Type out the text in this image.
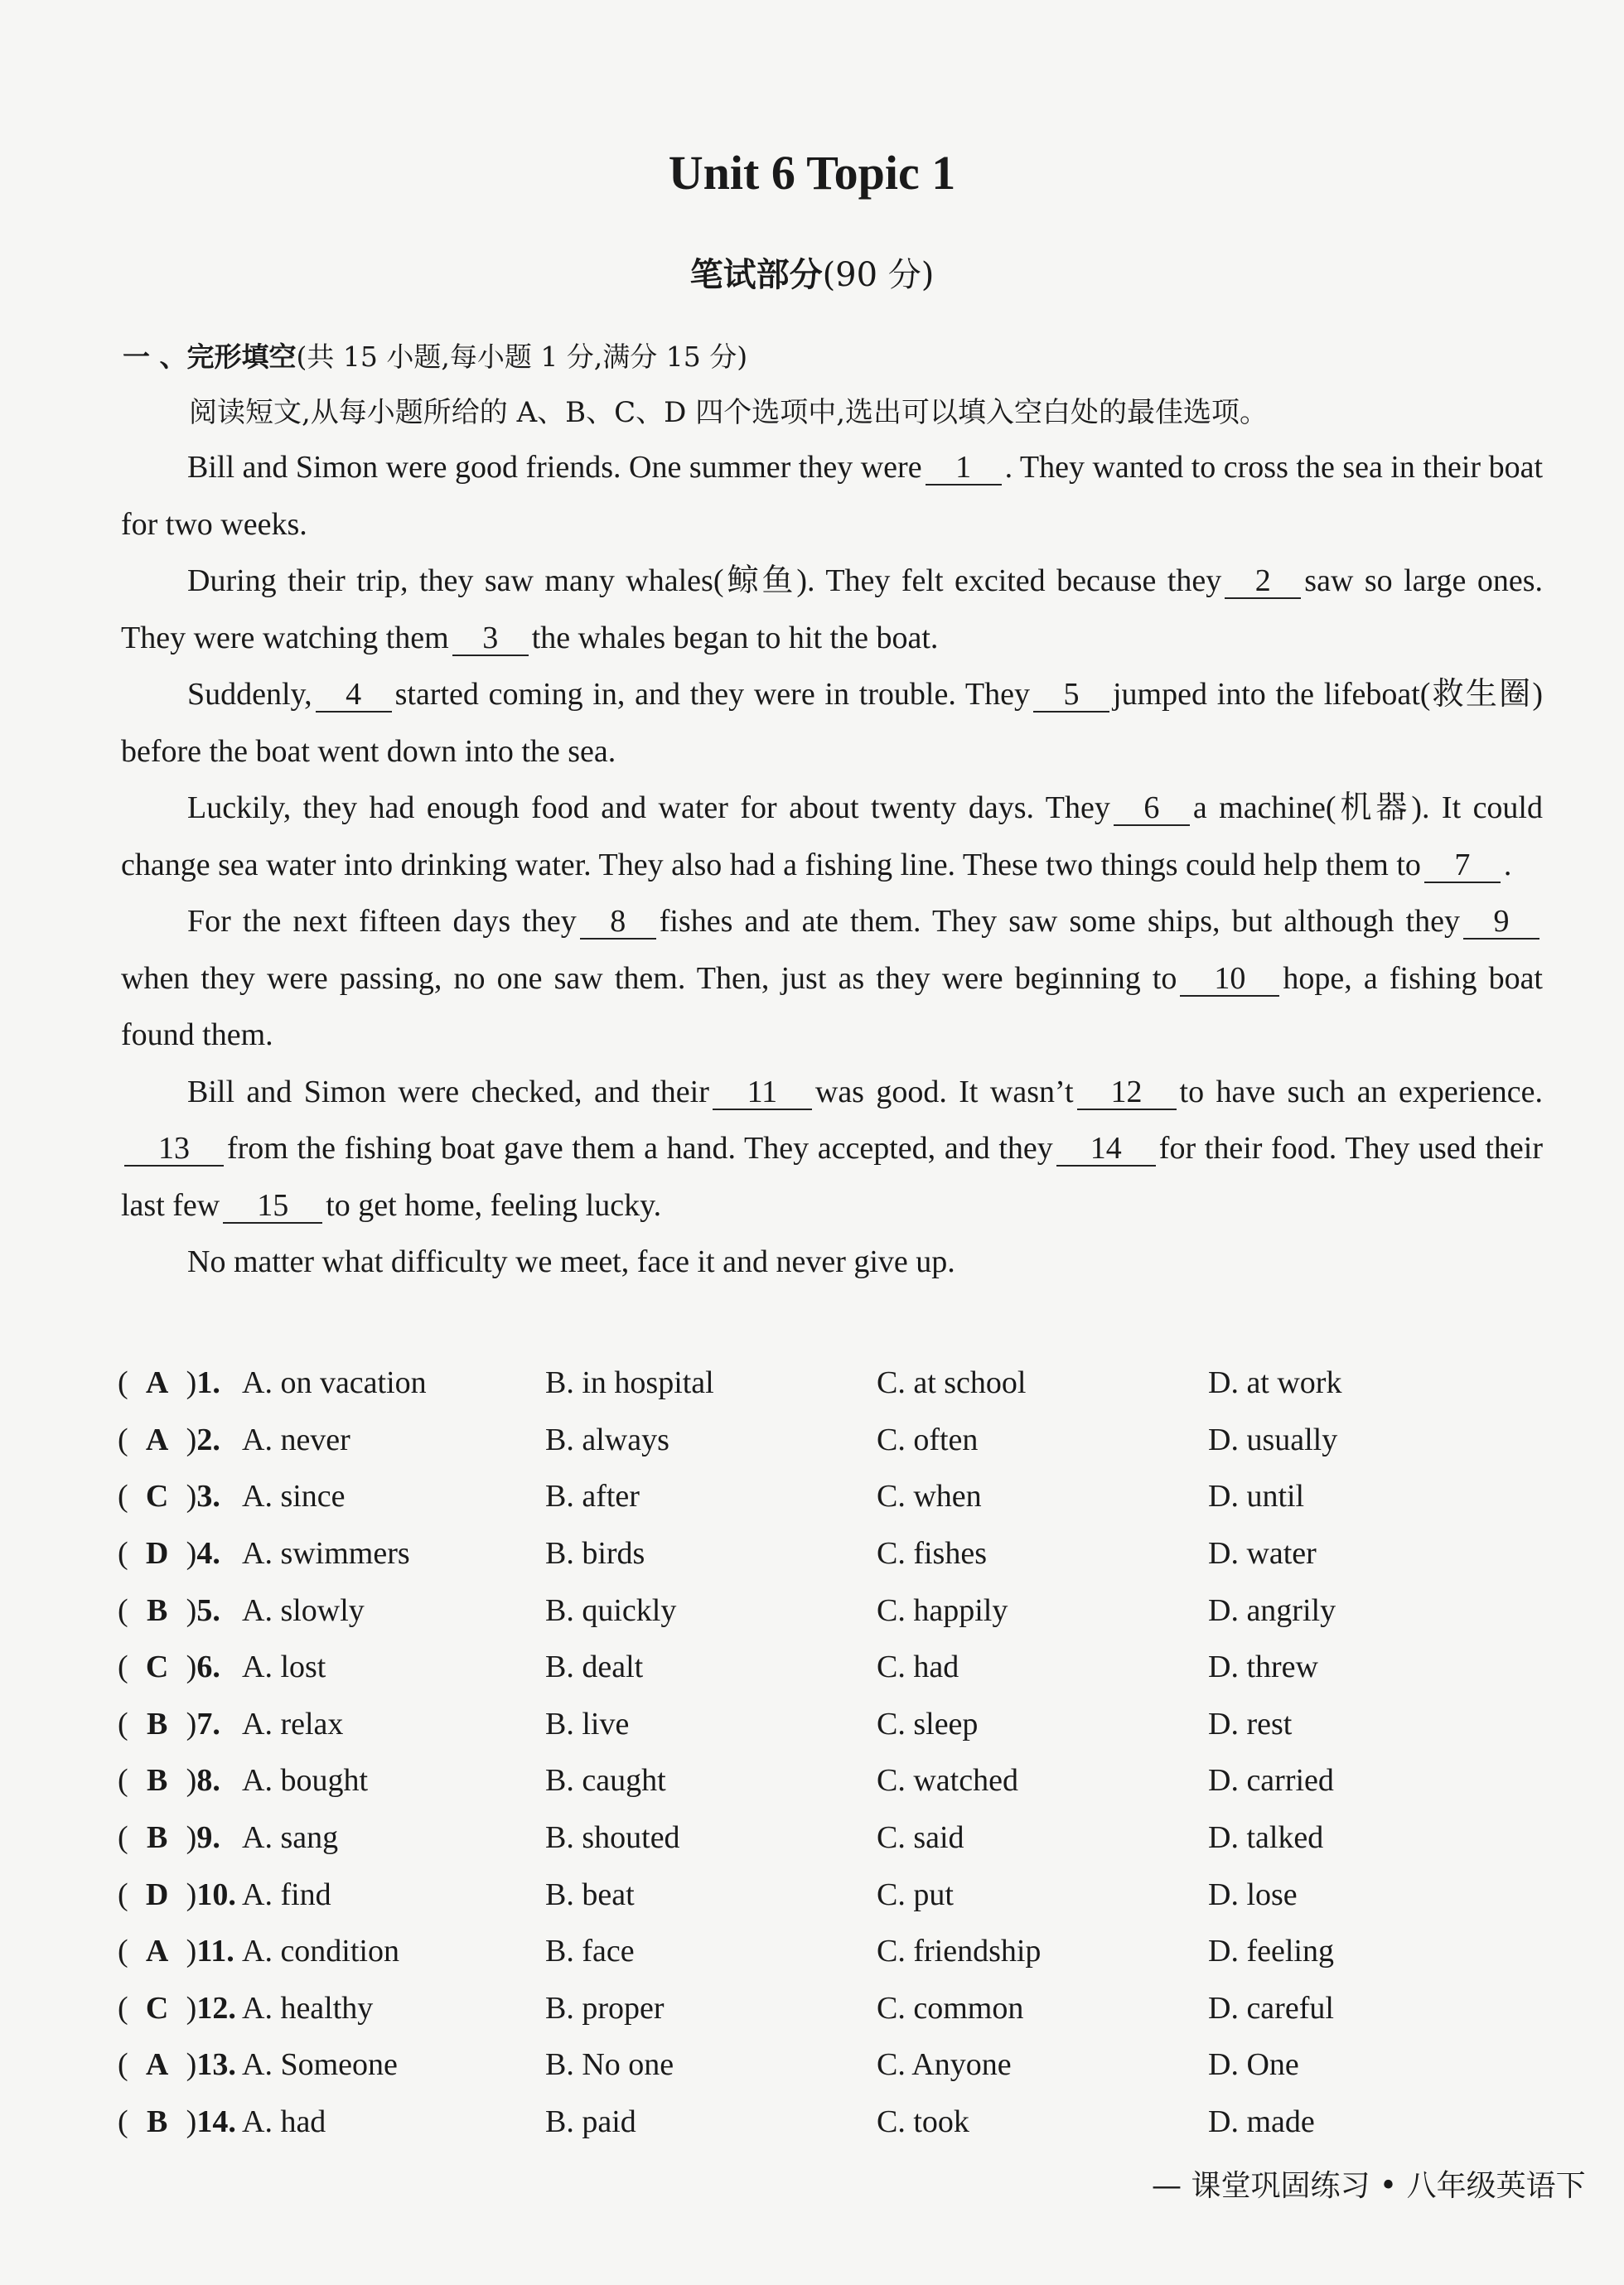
Unit 6 Topic 1
笔试部分(90 分)
一 、完形填空(共 15 小题,每小题 1 分,满分 15 分)
阅读短文,从每小题所给的 A、B、C、D 四个选项中,选出可以填入空白处的最佳选项。

Bill and Simon were good friends. One summer they were 1 . They wanted to cross the sea in their boat for two weeks.

During their trip, they saw many whales(鲸鱼). They felt excited because they 2 saw so large ones. They were watching them 3 the whales began to hit the boat.

Suddenly, 4 started coming in, and they were in trouble. They 5 jumped into the lifeboat(救生圈) before the boat went down into the sea.

Luckily, they had enough food and water for about twenty days. They 6 a machine(机器). It could change sea water into drinking water. They also had a fishing line. These two things could help them to 7 .

For the next fifteen days they 8 fishes and ate them. They saw some ships, but although they 9when they were passing, no one saw them. Then, just as they were beginning to 10 hope, a fishing boat found them.

Bill and Simon were checked, and their 11 was good. It wasn’t 12 to have such an experience.13 from the fishing boat gave them a hand. They accepted, and they 14 for their food. They used their last few 15 to get home, feeling lucky.

No matter what difficulty we meet, face it and never give up.

( A ) 1. A. on vacation	B. in hospital	C. at school	D. at work
( A ) 2. A. never	B. always	C. often	D. usually
( C ) 3. A. since	B. after	C. when	D. until
( D ) 4. A. swimmers	B. birds	C. fishes	D. water
( B ) 5. A. slowly	B. quickly	C. happily	D. angrily
( C ) 6. A. lost	B. dealt	C. had	D. threw
( B ) 7. A. relax	B. live	C. sleep	D. rest
( B ) 8. A. bought	B. caught	C. watched	D. carried
( B ) 9. A. sang	B. shouted	C. said	D. talked
( D ) 10. A. find	B. beat	C. put	D. lose
( A ) 11. A. condition	B. face	C. friendship	D. feeling
( C ) 12. A. healthy	B. proper	C. common	D. careful
( A ) 13. A. Someone	B. No one	C. Anyone	D. One
( B ) 14. A. had	B. paid	C. took	D. made
— 课堂巩固练习 • 八年级英语下
